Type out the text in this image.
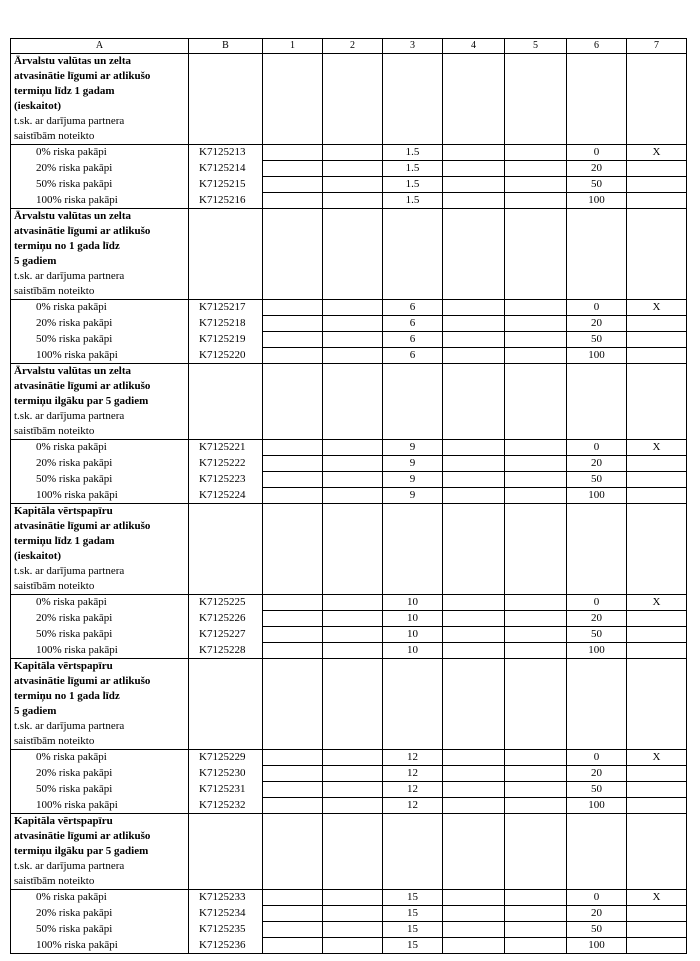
A	B	1	2	3	4	5	6	7
Ārvalstu valūtas un zelta								
atvasinātie līgumi ar atlikušo								
termiņu līdz 1 gadam								
(ieskaitot)								
t.sk. ar darījuma partnera								
saistībām noteikto								
0% riska pakāpi	K7125213			1.5			0	X
20% riska pakāpi	K7125214			1.5			20	
50% riska pakāpi	K7125215			1.5			50	
100% riska pakāpi	K7125216			1.5			100	
Ārvalstu valūtas un zelta								
atvasinātie līgumi ar atlikušo								
termiņu no 1 gada līdz								
5 gadiem								
t.sk. ar darījuma partnera								
saistībām noteikto								
0% riska pakāpi	K7125217			6			0	X
20% riska pakāpi	K7125218			6			20	
50% riska pakāpi	K7125219			6			50	
100% riska pakāpi	K7125220			6			100	
Ārvalstu valūtas un zelta								
atvasinātie līgumi ar atlikušo								
termiņu ilgāku par 5 gadiem								
t.sk. ar darījuma partnera								
saistībām noteikto								
0% riska pakāpi	K7125221			9			0	X
20% riska pakāpi	K7125222			9			20	
50% riska pakāpi	K7125223			9			50	
100% riska pakāpi	K7125224			9			100	
Kapitāla vērtspapīru								
atvasinātie līgumi ar atlikušo								
termiņu līdz 1 gadam								
(ieskaitot)								
t.sk. ar darījuma partnera								
saistībām noteikto								
0% riska pakāpi	K7125225			10			0	X
20% riska pakāpi	K7125226			10			20	
50% riska pakāpi	K7125227			10			50	
100% riska pakāpi	K7125228			10			100	
Kapitāla vērtspapīru								
atvasinātie līgumi ar atlikušo								
termiņu no 1 gada līdz								
5 gadiem								
t.sk. ar darījuma partnera								
saistībām noteikto								
0% riska pakāpi	K7125229			12			0	X
20% riska pakāpi	K7125230			12			20	
50% riska pakāpi	K7125231			12			50	
100% riska pakāpi	K7125232			12			100	
Kapitāla vērtspapīru								
atvasinātie līgumi ar atlikušo								
termiņu ilgāku par 5 gadiem								
t.sk. ar darījuma partnera								
saistībām noteikto								
0% riska pakāpi	K7125233			15			0	X
20% riska pakāpi	K7125234			15			20	
50% riska pakāpi	K7125235			15			50	
100% riska pakāpi	K7125236			15			100	
